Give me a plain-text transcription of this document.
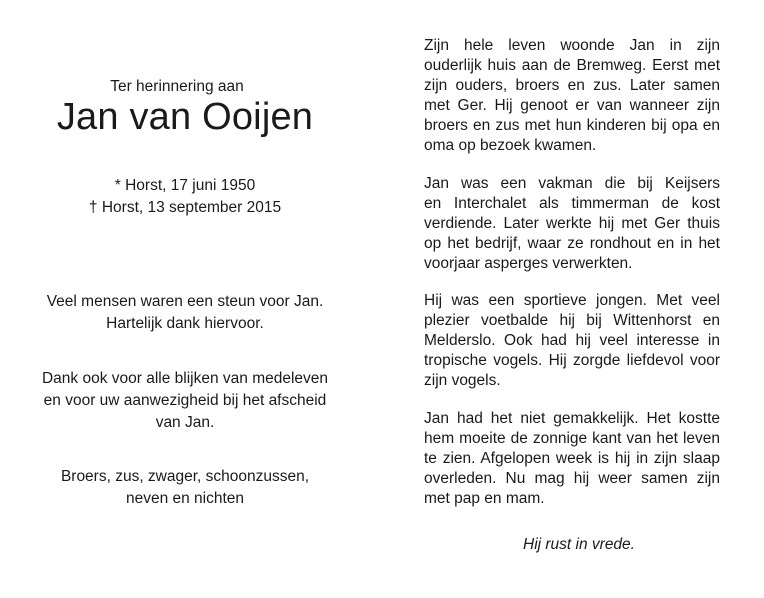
Ter herinnering aan
Jan van Ooijen
* Horst, 17 juni 1950
† Horst, 13 september 2015
Veel mensen waren een steun voor Jan.
Hartelijk dank hiervoor.
Dank ook voor alle blijken van medeleven
en voor uw aanwezigheid bij het afscheid
van Jan.
Broers, zus, zwager, schoonzussen,
neven en nichten
Zijn hele leven woonde Jan in zijn
ouderlijk huis aan de Bremweg. Eerst met
zijn ouders, broers en zus. Later samen
met Ger. Hij genoot er van wanneer zijn
broers en zus met hun kinderen bij opa en
oma op bezoek kwamen.
Jan was een vakman die bij Keijsers
en Interchalet als timmerman de kost
verdiende. Later werkte hij met Ger thuis
op het bedrijf, waar ze rondhout en in het
voorjaar asperges verwerkten.
Hij was een sportieve jongen. Met veel
plezier voetbalde hij bij Wittenhorst en
Melderslo. Ook had hij veel interesse in
tropische vogels. Hij zorgde liefdevol voor
zijn vogels.
Jan had het niet gemakkelijk. Het kostte
hem moeite de zonnige kant van het leven
te zien. Afgelopen week is hij in zijn slaap
overleden. Nu mag hij weer samen zijn
met pap en mam.
Hij rust in vrede.
